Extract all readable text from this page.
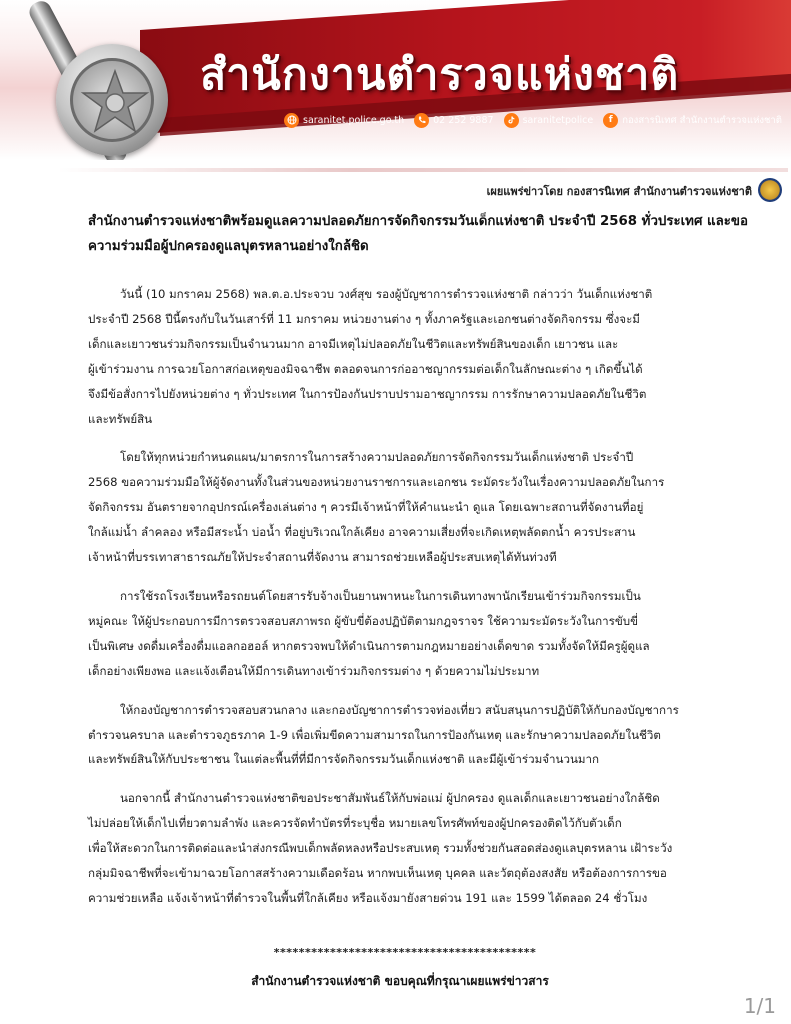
สำนักงานตำรวจแห่งชาติ
saranitet.police.go.th	02 252 9887	saranitetpolice	f	กองสารนิเทศ สำนักงานตำรวจแห่งชาติ
เผยแพร่ข่าวโดย กองสารนิเทศ สำนักงานตำรวจแห่งชาติ
สำนักงานตำรวจแห่งชาติพร้อมดูแลความปลอดภัยการจัดกิจกรรมวันเด็กแห่งชาติ ประจำปี 2568 ทั่วประเทศ และขอความร่วมมือผู้ปกครองดูแลบุตรหลานอย่างใกล้ชิด

วันนี้ (10 มกราคม 2568) พล.ต.อ.ประจวบ วงศ์สุข รองผู้บัญชาการตำรวจแห่งชาติ กล่าวว่า วันเด็กแห่งชาติ
ประจำปี 2568 ปีนี้ตรงกับในวันเสาร์ที่ 11 มกราคม หน่วยงานต่าง ๆ ทั้งภาครัฐและเอกชนต่างจัดกิจกรรม ซึ่งจะมี
เด็กและเยาวชนร่วมกิจกรรมเป็นจำนวนมาก อาจมีเหตุไม่ปลอดภัยในชีวิตและทรัพย์สินของเด็ก เยาวชน และ
ผู้เข้าร่วมงาน การฉวยโอกาสก่อเหตุของมิจฉาชีพ ตลอดจนการก่ออาชญากรรมต่อเด็กในลักษณะต่าง ๆ เกิดขึ้นได้
จึงมีข้อสั่งการไปยังหน่วยต่าง ๆ ทั่วประเทศ ในการป้องกันปราบปรามอาชญากรรม การรักษาความปลอดภัยในชีวิต
และทรัพย์สิน

โดยให้ทุกหน่วยกำหนดแผน/มาตรการในการสร้างความปลอดภัยการจัดกิจกรรมวันเด็กแห่งชาติ ประจำปี
2568 ขอความร่วมมือให้ผู้จัดงานทั้งในส่วนของหน่วยงานราชการและเอกชน ระมัดระวังในเรื่องความปลอดภัยในการ
จัดกิจกรรม อันตรายจากอุปกรณ์เครื่องเล่นต่าง ๆ ควรมีเจ้าหน้าที่ให้คำแนะนำ ดูแล โดยเฉพาะสถานที่จัดงานที่อยู่
ใกล้แม่น้ำ ลำคลอง หรือมีสระน้ำ บ่อน้ำ ที่อยู่บริเวณใกล้เคียง อาจความเสี่ยงที่จะเกิดเหตุพลัดตกน้ำ ควรประสาน
เจ้าหน้าที่บรรเทาสาธารณภัยให้ประจำสถานที่จัดงาน สามารถช่วยเหลือผู้ประสบเหตุได้ทันท่วงที

การใช้รถโรงเรียนหรือรถยนต์โดยสารรับจ้างเป็นยานพาหนะในการเดินทางพานักเรียนเข้าร่วมกิจกรรมเป็น
หมู่คณะ ให้ผู้ประกอบการมีการตรวจสอบสภาพรถ ผู้ขับขี่ต้องปฏิบัติตามกฎจราจร ใช้ความระมัดระวังในการขับขี่
เป็นพิเศษ งดดื่มเครื่องดื่มแอลกอฮอล์ หากตรวจพบให้ดำเนินการตามกฎหมายอย่างเด็ดขาด รวมทั้งจัดให้มีครูผู้ดูแล
เด็กอย่างเพียงพอ และแจ้งเตือนให้มีการเดินทางเข้าร่วมกิจกรรมต่าง ๆ ด้วยความไม่ประมาท

ให้กองบัญชาการตำรวจสอบสวนกลาง และกองบัญชาการตำรวจท่องเที่ยว สนับสนุนการปฏิบัติให้กับกองบัญชาการ
ตำรวจนครบาล และตำรวจภูธรภาค 1-9 เพื่อเพิ่มขีดความสามารถในการป้องกันเหตุ และรักษาความปลอดภัยในชีวิต
และทรัพย์สินให้กับประชาชน ในแต่ละพื้นที่ที่มีการจัดกิจกรรมวันเด็กแห่งชาติ และมีผู้เข้าร่วมจำนวนมาก

นอกจากนี้ สำนักงานตำรวจแห่งชาติขอประชาสัมพันธ์ให้กับพ่อแม่ ผู้ปกครอง ดูแลเด็กและเยาวชนอย่างใกล้ชิด
ไม่ปล่อยให้เด็กไปเที่ยวตามลำพัง และควรจัดทำบัตรที่ระบุชื่อ หมายเลขโทรศัพท์ของผู้ปกครองติดไว้กับตัวเด็ก
เพื่อให้สะดวกในการติดต่อและนำส่งกรณีพบเด็กพลัดหลงหรือประสบเหตุ รวมทั้งช่วยกันสอดส่องดูแลบุตรหลาน เฝ้าระวัง
กลุ่มมิจฉาชีพที่จะเข้ามาฉวยโอกาสสร้างความเดือดร้อน หากพบเห็นเหตุ บุคคล และวัตถุต้องสงสัย หรือต้องการการขอ
ความช่วยเหลือ แจ้งเจ้าหน้าที่ตำรวจในพื้นที่ใกล้เคียง หรือแจ้งมายังสายด่วน 191 และ 1599 ได้ตลอด 24 ชั่วโมง

******************************************
สำนักงานตำรวจแห่งชาติ ขอบคุณที่กรุณาเผยแพร่ข่าวสาร
1/1
